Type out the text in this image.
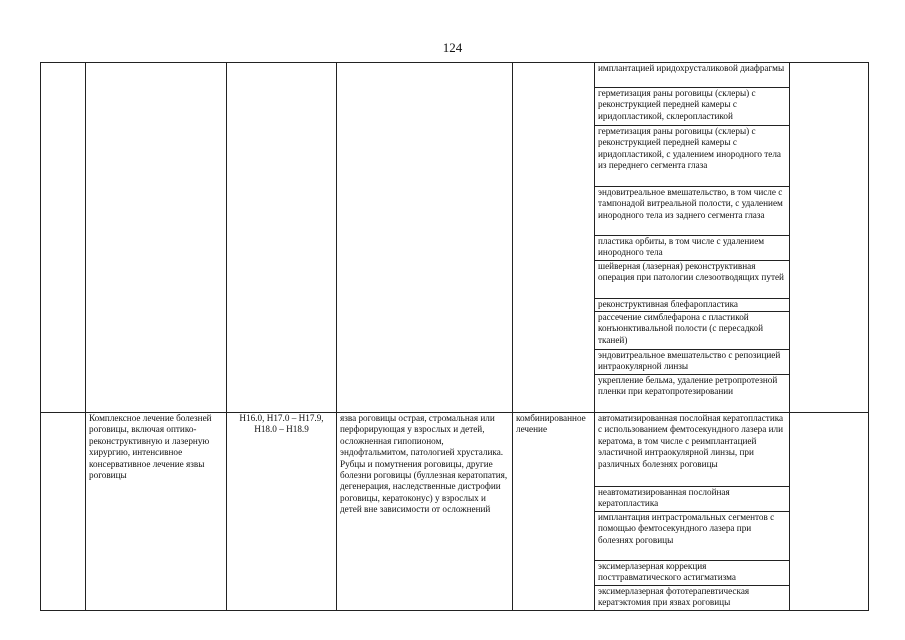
124
					имплантацией иридохрусталиковой диафрагмы	
					герметизация раны роговицы (склеры) с реконструкцией передней камеры с иридопластикой, склеропластикой	
					герметизация раны роговицы (склеры) с реконструкцией передней камеры с иридопластикой, с удалением инородного тела из переднего сегмента глаза	
					эндовитреальное вмешательство, в том числе с тампонадой витреальной полости, с удалением инородного тела из заднего сегмента глаза	
					пластика орбиты, в том числе с удалением инородного тела	
					шейверная (лазерная) реконструктивная операция при патологии слезоотводящих путей	
					реконструктивная блефаропластика	
					рассечение симблефарона с пластикой конъюнктивальной полости (с пересадкой тканей)	
					эндовитреальное вмешательство с репозицией интраокулярной линзы	
					укрепление бельма, удаление ретропротезной пленки при кератопротезировании	
	Комплексное лечение болезней роговицы, включая оптико-реконструктивную и лазерную хирургию, интенсивное консервативное лечение язвы роговицы	H16.0, H17.0 – H17.9, H18.0 – H18.9	язва роговицы острая, стромальная или перфорирующая у взрослых и детей, осложненная гипопионом, эндофтальмитом, патологией хрусталика. Рубцы и помутнения роговицы, другие болезни роговицы (буллезная кератопатия, дегенерация, наследственные дистрофии роговицы, кератоконус) у взрослых и детей вне зависимости от осложнений	комбинированное лечение	автоматизированная послойная кератопластика с использованием фемтосекундного лазера или кератома, в том числе с реимплантацией эластичной интраокулярной линзы, при различных болезнях роговицы	
					неавтоматизированная послойная кератопластика	
					имплантация интрастромальных сегментов с помощью фемтосекундного лазера при болезнях роговицы	
					эксимерлазерная коррекция посттравматического астигматизма	
					эксимерлазерная фототерапевтическая кератэктомия при язвах роговицы	
